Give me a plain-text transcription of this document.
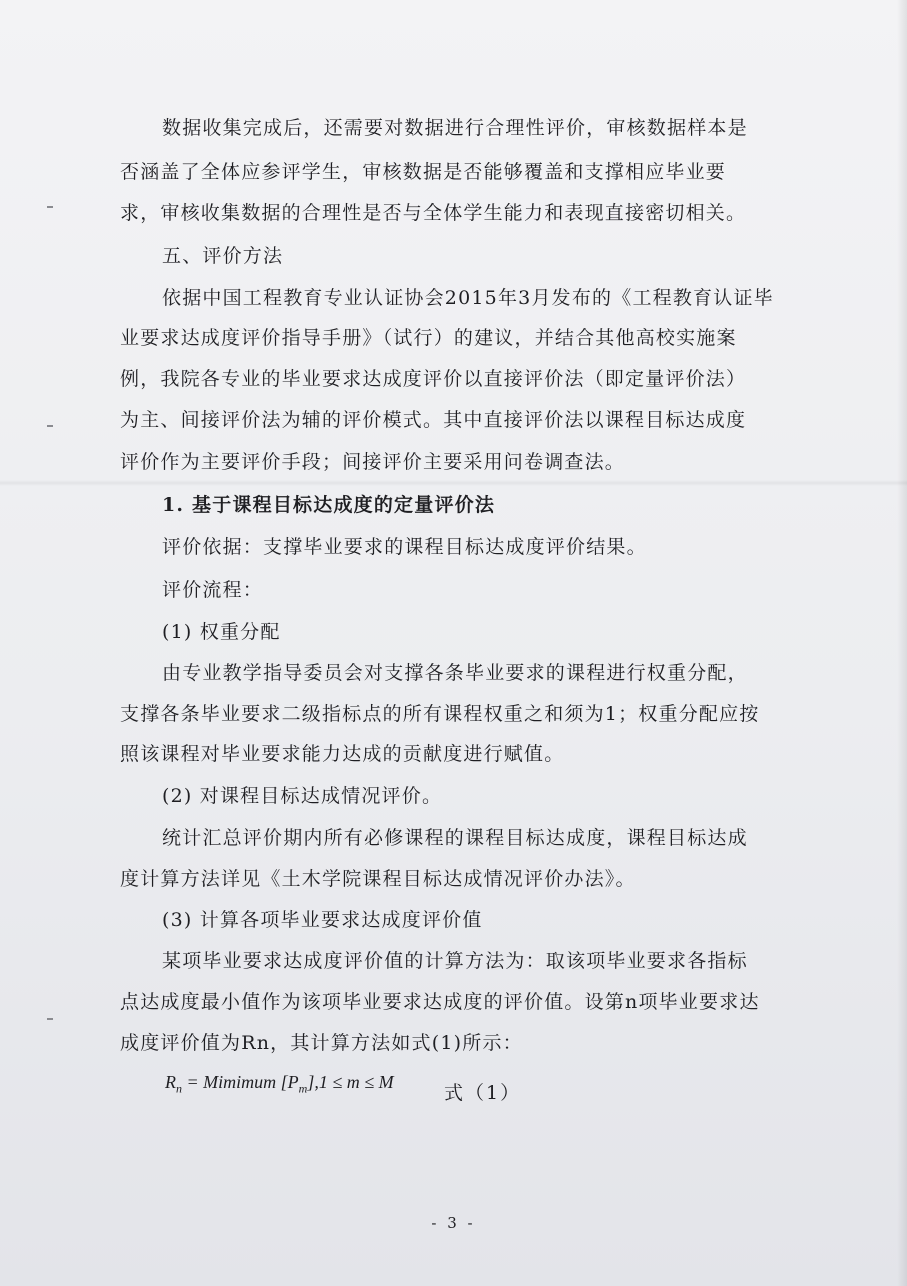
数据收集完成后，还需要对数据进行合理性评价，审核数据样本是
否涵盖了全体应参评学生，审核数据是否能够覆盖和支撑相应毕业要
求，审核收集数据的合理性是否与全体学生能力和表现直接密切相关。
五、评价方法
依据中国工程教育专业认证协会2015年3月发布的《工程教育认证毕
业要求达成度评价指导手册》（试行）的建议，并结合其他高校实施案
例，我院各专业的毕业要求达成度评价以直接评价法（即定量评价法）
为主、间接评价法为辅的评价模式。其中直接评价法以课程目标达成度
评价作为主要评价手段；间接评价主要采用问卷调查法。
1. 基于课程目标达成度的定量评价法
评价依据：支撑毕业要求的课程目标达成度评价结果。
评价流程：
(1) 权重分配
由专业教学指导委员会对支撑各条毕业要求的课程进行权重分配，
支撑各条毕业要求二级指标点的所有课程权重之和须为1；权重分配应按
照该课程对毕业要求能力达成的贡献度进行赋值。
(2) 对课程目标达成情况评价。
统计汇总评价期内所有必修课程的课程目标达成度，课程目标达成
度计算方法详见《土木学院课程目标达成情况评价办法》。
(3) 计算各项毕业要求达成度评价值
某项毕业要求达成度评价值的计算方法为：取该项毕业要求各指标
点达成度最小值作为该项毕业要求达成度的评价值。设第n项毕业要求达
成度评价值为Rn，其计算方法如式(1)所示：
$R_n$ = Mimimum $[P_m],1 \le m \le M$	式（1）
- 3 -
